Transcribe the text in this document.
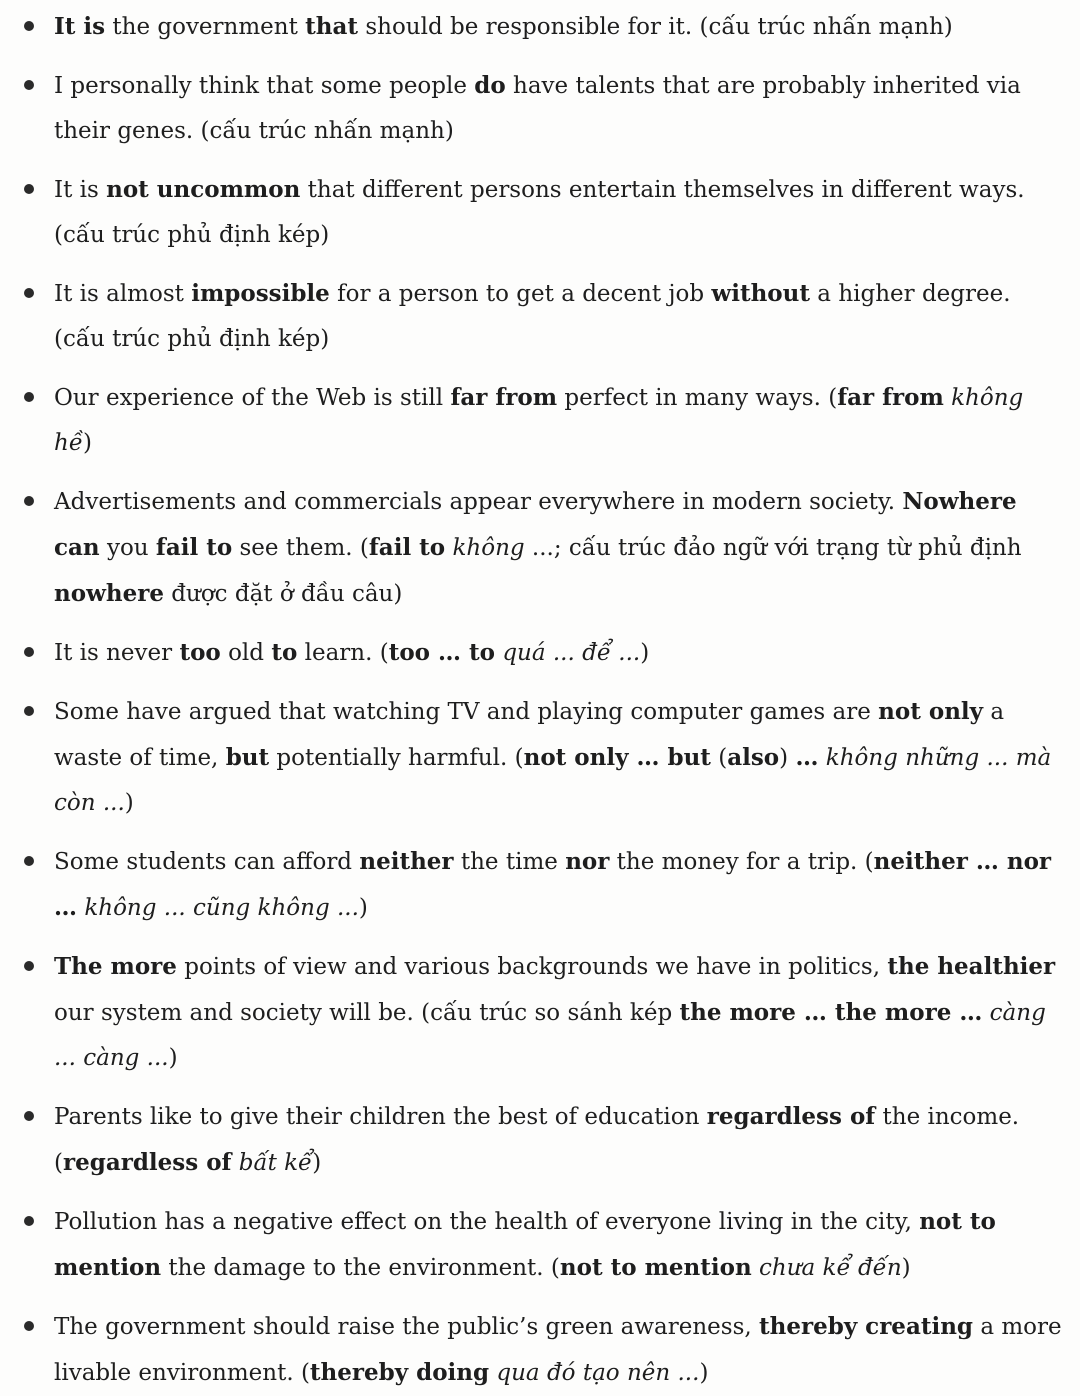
It is the government that should be responsible for it. (cấu trúc nhấn mạnh)
I personally think that some people do have talents that are probably inherited via their genes. (cấu trúc nhấn mạnh)
It is not uncommon that different persons entertain themselves in different ways. (cấu trúc phủ định kép)
It is almost impossible for a person to get a decent job without a higher degree. (cấu trúc phủ định kép)
Our experience of the Web is still far from perfect in many ways. (far from không hề)
Advertisements and commercials appear everywhere in modern society. Nowhere can you fail to see them. (fail to không ...; cấu trúc đảo ngữ với trạng từ phủ định nowhere được đặt ở đầu câu)
It is never too old to learn. (too … to quá ... để ...)
Some have argued that watching TV and playing computer games are not only a waste of time, but potentially harmful. (not only … but (also) … không những ... mà còn ...)
Some students can afford neither the time nor the money for a trip. (neither … nor … không ... cũng không ...)
The more points of view and various backgrounds we have in politics, the healthier our system and society will be. (cấu trúc so sánh kép the more … the more … càng ... càng ...)
Parents like to give their children the best of education regardless of the income. (regardless of bất kể)
Pollution has a negative effect on the health of everyone living in the city, not to mention the damage to the environment. (not to mention chưa kể đến)
The government should raise the public’s green awareness, thereby creating a more livable environment. (thereby doing qua đó tạo nên ...)
